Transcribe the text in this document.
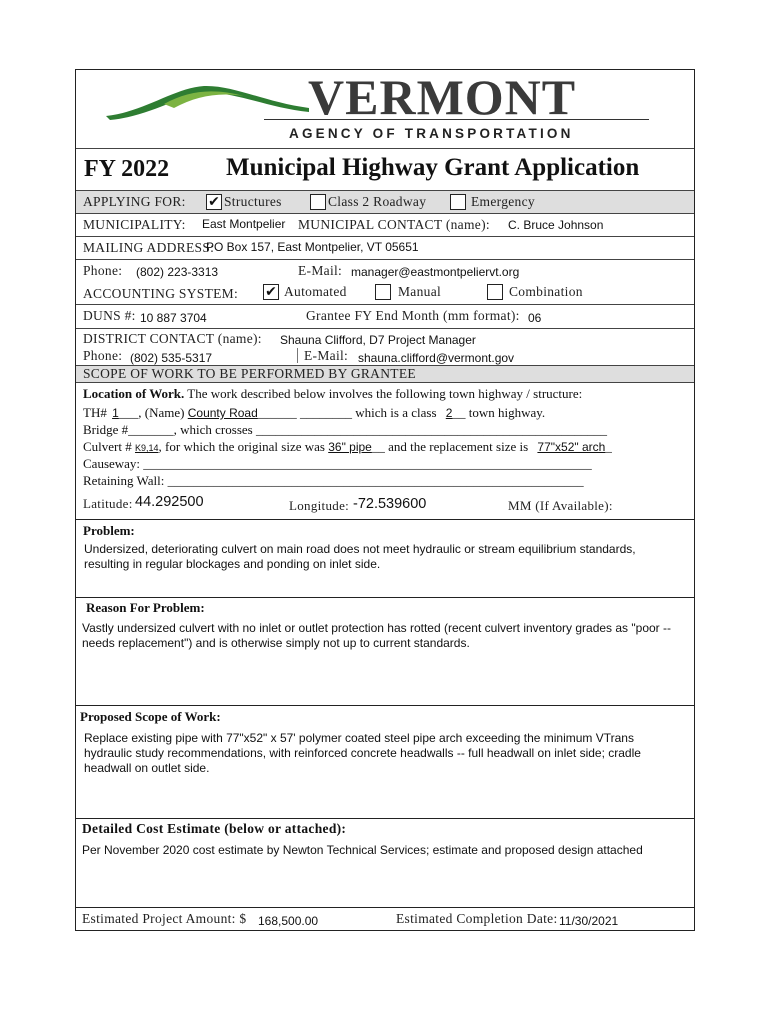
VERMONT
AGENCY OF TRANSPORTATION
FY 2022 Municipal Highway Grant Application
APPLYING FOR: ✔ Structures	Class 2 Roadway	Emergency
MUNICIPALITY: East Montpelier MUNICIPAL CONTACT (name): C. Bruce Johnson
MAILING ADDRESS:
PO Box 157, East Montpelier, VT 05651
Phone: (802) 223-3313	E-Mail: manager@eastmontpeliervt.org
ACCOUNTING SYSTEM: ✔ Automated	Manual	Combination
DUNS #: 10 887 3704	Grantee FY End Month (mm format): 06
DISTRICT CONTACT (name): Shauna Clifford, D7 Project Manager
Phone: (802) 535-5317	E-Mail: shauna.clifford@vermont.gov
SCOPE OF WORK TO BE PERFORMED BY GRANTEE
Location of Work. The work described below involves the following town highway / structure:
TH# 1___, (Name) County Road______ ________ which is a class 2__ town highway.
Bridge #_______, which crosses ______________________________________________________
Culvert # K9,14, for which the original size was 36" pipe__ and the replacement size is 77"x52" arch_
Causeway: _____________________________________________________________________
Retaining Wall: ________________________________________________________________
Latitude: 44.292500	Longitude: -72.539600	MM (If Available):
Problem:
Undersized, deteriorating culvert on main road does not meet hydraulic or stream equilibrium standards, resulting in regular blockages and ponding on inlet side.
Reason For Problem:
Vastly undersized culvert with no inlet or outlet protection has rotted (recent culvert inventory grades as "poor -- needs replacement") and is otherwise simply not up to current standards.
Proposed Scope of Work:
Replace existing pipe with 77"x52" x 57' polymer coated steel pipe arch exceeding the minimum VTrans hydraulic study recommendations, with reinforced concrete headwalls -- full headwall on inlet side; cradle headwall on outlet side.
Detailed Cost Estimate (below or attached):
Per November 2020 cost estimate by Newton Technical Services; estimate and proposed design attached
Estimated Project Amount: $ 168,500.00	Estimated Completion Date: 11/30/2021
